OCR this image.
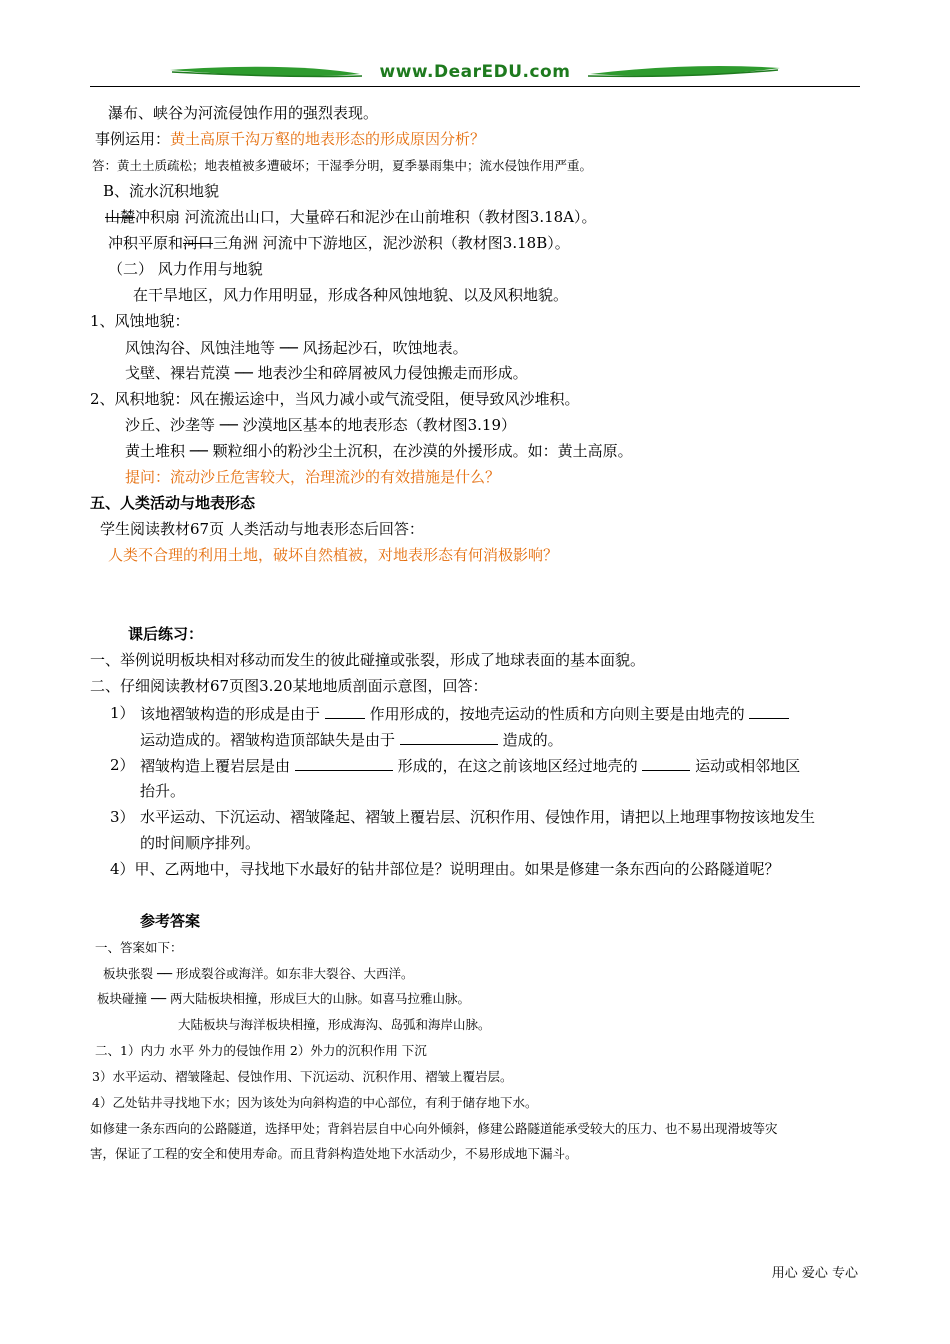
www.DearEDU.com
瀑布、峡谷为河流侵蚀作用的强烈表现。
事例运用：黄土高原千沟万壑的地表形态的形成原因分析？
答：黄土土质疏松；地表植被多遭破坏；干湿季分明，夏季暴雨集中；流水侵蚀作用严重。
B、流水沉积地貌
山麓冲积扇 河流流出山口，大量碎石和泥沙在山前堆积（教材图3.18A）。
冲积平原和河口三角洲 河流中下游地区，泥沙淤积（教材图3.18B）。
（二） 风力作用与地貌
在干旱地区，风力作用明显，形成各种风蚀地貌、以及风积地貌。
1、风蚀地貌：
风蚀沟谷、风蚀洼地等 ── 风扬起沙石，吹蚀地表。
戈壁、裸岩荒漠 ── 地表沙尘和碎屑被风力侵蚀搬走而形成。
2、风积地貌：风在搬运途中，当风力减小或气流受阻，便导致风沙堆积。
沙丘、沙垄等 ── 沙漠地区基本的地表形态（教材图3.19）
黄土堆积 ── 颗粒细小的粉沙尘土沉积，在沙漠的外援形成。如：黄土高原。
提问：流动沙丘危害较大，治理流沙的有效措施是什么？
五、人类活动与地表形态
学生阅读教材67页 人类活动与地表形态后回答：
人类不合理的利用土地，破坏自然植被，对地表形态有何消极影响？
课后练习：
一、举例说明板块相对移动而发生的彼此碰撞或张裂，形成了地球表面的基本面貌。
二、仔细阅读教材67页图3.20某地地质剖面示意图，回答：
1） 该地褶皱构造的形成是由于	作用形成的，按地壳运动的性质和方向则主要是由地壳的
运动造成的。褶皱构造顶部缺失是由于	造成的。
2） 褶皱构造上覆岩层是由	形成的，在这之前该地区经过地壳的	运动或相邻地区
抬升。
3） 水平运动、下沉运动、褶皱隆起、褶皱上覆岩层、沉积作用、侵蚀作用，请把以上地理事物按该地发生
的时间顺序排列。
4）甲、乙两地中，寻找地下水最好的钻井部位是？说明理由。如果是修建一条东西向的公路隧道呢？
参考答案
一、答案如下：
板块张裂 ── 形成裂谷或海洋。如东非大裂谷、大西洋。
板块碰撞 ── 两大陆板块相撞，形成巨大的山脉。如喜马拉雅山脉。
大陆板块与海洋板块相撞，形成海沟、岛弧和海岸山脉。
二、1）内力 水平 外力的侵蚀作用 2）外力的沉积作用 下沉
3）水平运动、褶皱隆起、侵蚀作用、下沉运动、沉积作用、褶皱上覆岩层。
4）乙处钻井寻找地下水；因为该处为向斜构造的中心部位，有利于储存地下水。
如修建一条东西向的公路隧道，选择甲处；背斜岩层自中心向外倾斜，修建公路隧道能承受较大的压力、也不易出现滑坡等灾
害，保证了工程的安全和使用寿命。而且背斜构造处地下水活动少，不易形成地下漏斗。
用心 爱心 专心
